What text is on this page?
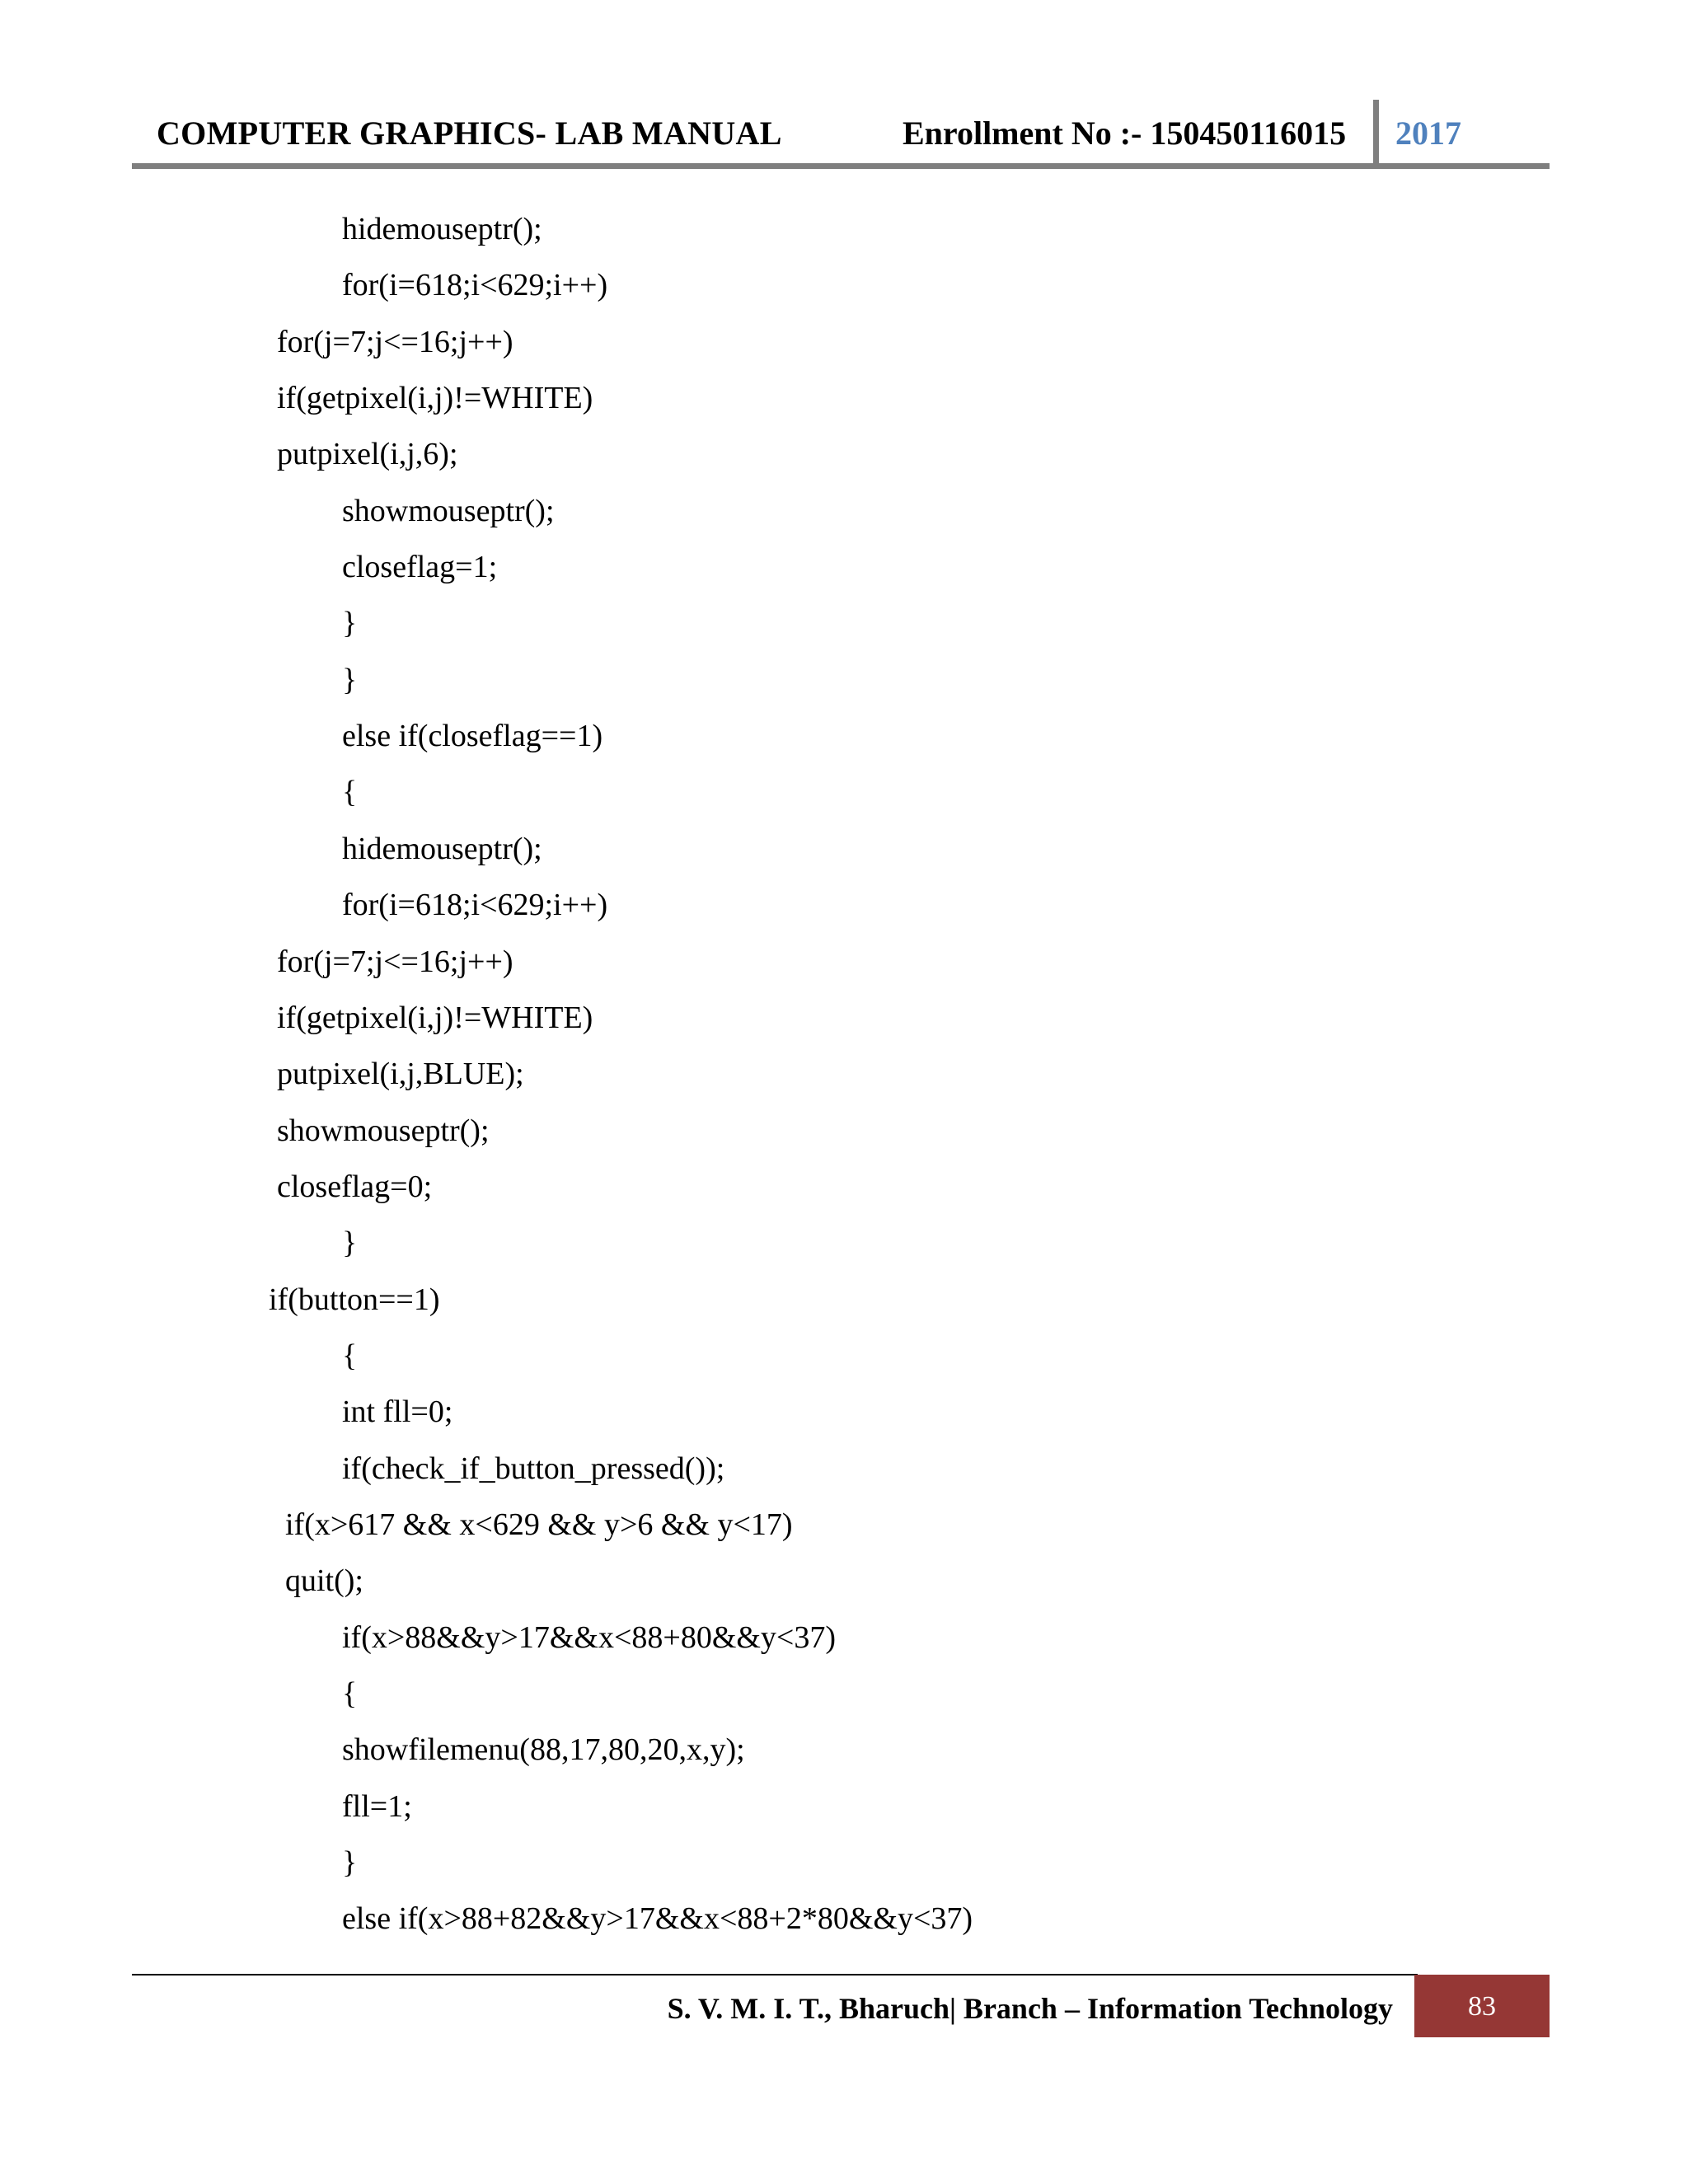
COMPUTER GRAPHICS- LAB MANUAL	Enrollment No :- 150450116015 2017
hidemouseptr();
for(i=618;i<629;i++)
for(j=7;j<=16;j++)
if(getpixel(i,j)!=WHITE)
putpixel(i,j,6);
showmouseptr();
closeflag=1;
}
}
else if(closeflag==1)
{
hidemouseptr();
for(i=618;i<629;i++)
for(j=7;j<=16;j++)
if(getpixel(i,j)!=WHITE)
putpixel(i,j,BLUE);
showmouseptr();
closeflag=0;
}
if(button==1)
{
int fll=0;
if(check_if_button_pressed());
if(x>617 && x<629 && y>6 && y<17)
quit();
if(x>88&&y>17&&x<88+80&&y<37)
{
showfilemenu(88,17,80,20,x,y);
fll=1;
}
else if(x>88+82&&y>17&&x<88+2*80&&y<37)
S. V. M. I. T., Bharuch| Branch – Information Technology	83
